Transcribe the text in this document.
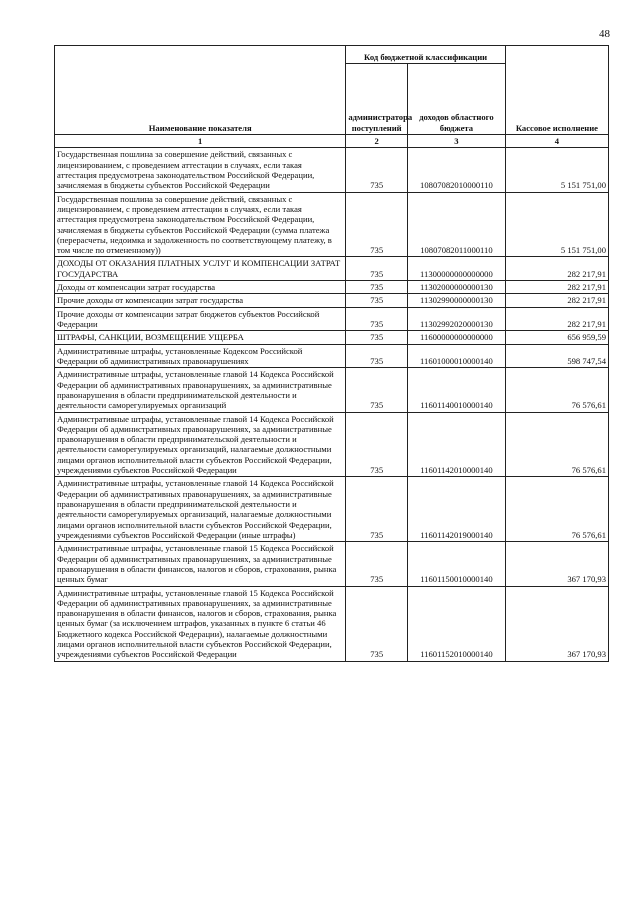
48
Наименование показателя	Код бюджетной классификации		Кассовое исполнение
	администратора поступлений	доходов областного бюджета	
1	2	3	4
Государственная пошлина за совершение действий, связанных с лицензированием, с проведением аттестации в случаях, если такая аттестация предусмотрена законодательством Российской Федерации, зачисляемая в бюджеты субъектов Российской Федерации	735	10807082010000110	5 151 751,00
Государственная пошлина за совершение действий, связанных с лицензированием, с проведением аттестации в случаях, если такая аттестация предусмотрена законодательством Российской Федерации, зачисляемая в бюджеты субъектов Российской Федерации (сумма платежа (перерасчеты, недоимка и задолженность по соответствующему платежу, в том числе по отмененному))	735	10807082011000110	5 151 751,00
ДОХОДЫ ОТ ОКАЗАНИЯ ПЛАТНЫХ УСЛУГ И КОМПЕНСАЦИИ ЗАТРАТ ГОСУДАРСТВА	735	11300000000000000	282 217,91
Доходы от компенсации затрат государства	735	11302000000000130	282 217,91
Прочие доходы от компенсации затрат государства	735	11302990000000130	282 217,91
Прочие доходы от компенсации затрат бюджетов субъектов Российской Федерации	735	11302992020000130	282 217,91
ШТРАФЫ, САНКЦИИ, ВОЗМЕЩЕНИЕ УЩЕРБА	735	11600000000000000	656 959,59
Административные штрафы, установленные Кодексом Российской Федерации об административных правонарушениях	735	11601000010000140	598 747,54
Административные штрафы, установленные главой 14 Кодекса Российской Федерации об административных правонарушениях, за административные правонарушения в области предпринимательской деятельности и деятельности саморегулируемых организаций	735	11601140010000140	76 576,61
Административные штрафы, установленные главой 14 Кодекса Российской Федерации об административных правонарушениях, за административные правонарушения в области предпринимательской деятельности и деятельности саморегулируемых организаций, налагаемые должностными лицами органов исполнительной власти субъектов Российской Федерации, учреждениями субъектов Российской Федерации	735	11601142010000140	76 576,61
Административные штрафы, установленные главой 14 Кодекса Российской Федерации об административных правонарушениях, за административные правонарушения в области предпринимательской деятельности и деятельности саморегулируемых организаций, налагаемые должностными лицами органов исполнительной власти субъектов Российской Федерации, учреждениями субъектов Российской Федерации (иные штрафы)	735	11601142019000140	76 576,61
Административные штрафы, установленные главой 15 Кодекса Российской Федерации об административных правонарушениях, за административные правонарушения в области финансов, налогов и сборов, страхования, рынка ценных бумаг	735	11601150010000140	367 170,93
Административные штрафы, установленные главой 15 Кодекса Российской Федерации об административных правонарушениях, за административные правонарушения в области финансов, налогов и сборов, страхования, рынка ценных бумаг (за исключением штрафов, указанных в пункте 6 статьи 46 Бюджетного кодекса Российской Федерации), налагаемые должностными лицами органов исполнительной власти субъектов Российской Федерации, учреждениями субъектов Российской Федерации	735	11601152010000140	367 170,93
